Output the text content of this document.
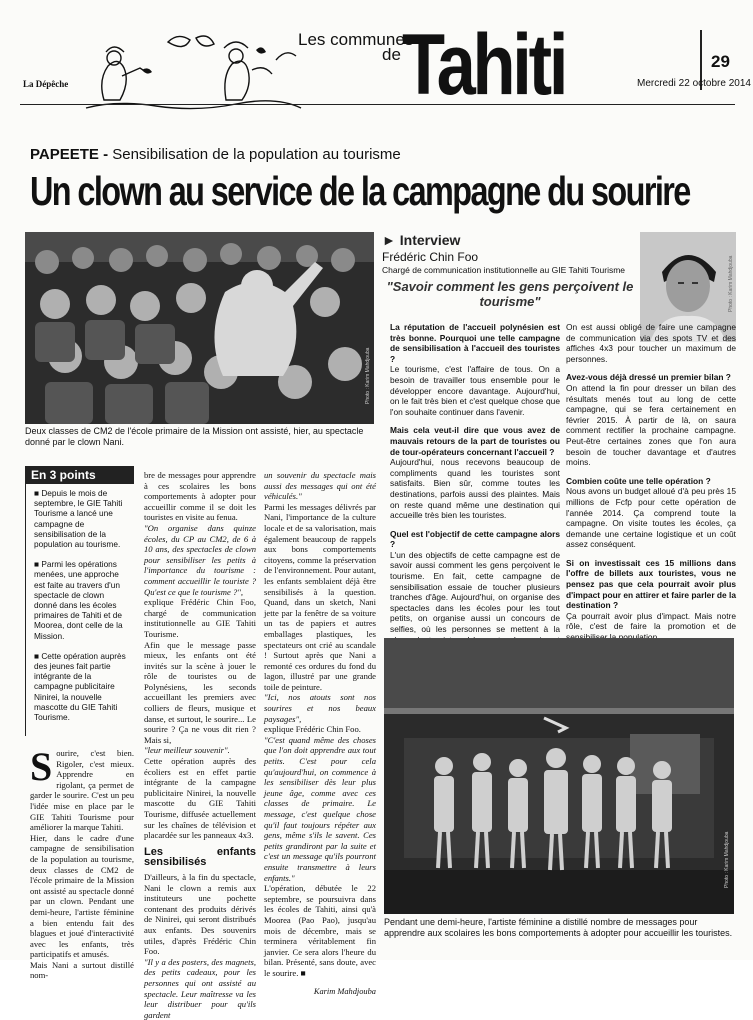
La Dépêche
Les communes
de Tahiti	29
Mercredi 22 octobre 2014
PAPEETE - Sensibilisation de la population au tourisme
Un clown au service de la campagne du sourire
Photo : Karim Mahdjouba
Deux classes de CM2 de l'école primaire de la Mission ont assisté, hier, au spectacle donné par le clown Nani.
► Interview
Frédéric Chin Foo
Chargé de communication institutionnelle au GIE Tahiti Tourisme
"Savoir comment les gens perçoivent le tourisme"	Photo : Karim Mahdjouba

La réputation de l'accueil polynésien est très bonne. Pourquoi une telle campagne de sensibilisation à l'accueil des touristes ?

Le tourisme, c'est l'affaire de tous. On a besoin de travailler tous ensemble pour le développer encore davantage. Aujourd'hui, on le fait très bien et c'est quelque chose que l'on souhaite continuer dans l'avenir.

Mais cela veut-il dire que vous avez de mauvais retours de la part de touristes ou de tour-opérateurs concernant l'accueil ?

Aujourd'hui, nous recevons beaucoup de compliments quand les touristes sont satisfaits. Bien sûr, comme toutes les destinations, parfois aussi des plaintes. Mais on reste quand même une destination qui accueille très bien les touristes.

Quel est l'objectif de cette campagne alors ?

L'un des objectifs de cette campagne est de savoir aussi comment les gens perçoivent le tourisme. En fait, cette campagne de sensibilisation essaie de toucher plusieurs tranches d'âge. Aujourd'hui, on organise des spectacles dans les écoles pour les tout petits, on organise aussi un concours de selfies, où les personnes se mettent à la

On est aussi obligé de faire une campagne de communication via des spots TV et des affiches 4x3 pour toucher un maximum de personnes.

Avez-vous déjà dressé un premier bilan ?

On attend la fin pour dresser un bilan des résultats menés tout au long de cette campagne, qui se fera certainement en février 2015. À partir de là, on saura comment rectifier la prochaine campagne. Peut-être certaines zones que l'on aura besoin de toucher davantage et d'autres moins.

Combien coûte une telle opération ?

Nous avons un budget alloué d'à peu près 15 millions de Fcfp pour cette opération de l'année 2014. Ça comprend toute la campagne. On visite toutes les écoles, ça demande une certaine logistique et un coût assez conséquent.

Si on investissait ces 15 millions dans l'offre de billets aux touristes, vous ne pensez pas que cela pourrait avoir plus d'impact pour en attirer et faire parler de la destination ?

Ça pourrait avoir plus d'impact. Mais notre rôle, c'est de faire la promotion et de

En 3 points

■ Depuis le mois de septembre, le GIE Tahiti Tourisme a lancé une campagne de sensibilisation de la population au tourisme.

■ Parmi les opérations menées, une approche est faite au travers d'un spectacle de clown donné dans les écoles primaires de Tahiti et de Moorea, dont celle de la Mission.

■ Cette opération auprès des jeunes fait partie intégrante de la campagne publicitaire Ninirei, la nouvelle mascotte du GIE Tahiti Tourisme.

S ourire, c'est bien. Rigoler, c'est mieux. Apprendre en rigolant, ça permet de garder le sourire. C'est un peu l'idée mise en place par le GIE Tahiti Tourisme pour améliorer la marque Tahiti.

Hier, dans le cadre d'une campagne de sensibilisation de la population au tourisme, deux classes de CM2 de l'école primaire de la Mission ont assisté au spectacle donné par un clown. Pendant une demi-heure, l'artiste féminine a bien entendu fait des blagues et joué d'interactivité avec les enfants, très participatifs et amusés.

Mais Nani a surtout distillé nom-

bre de messages pour apprendre à ces scolaires les bons comportements à adopter pour accueillir comme il se doit les touristes en visite au fenua.

"On organise dans quinze écoles, du CP au CM2, de 6 à 10 ans, des spectacles de clown pour sensibiliser les petits à l'importance du tourisme : comment accueillir le touriste ? Qu'est ce que le tourisme ?",

explique Frédéric Chin Foo, chargé de communication institutionnelle au GIE Tahiti Tourisme.

Afin que le message passe mieux, les enfants ont été invités sur la scène à jouer le rôle de touristes ou de Polynésiens, les seconds accueillant les premiers avec colliers de fleurs, musique et danse, et surtout, le sourire... Le sourire ? Ça ne vous dit rien ? Mais si,

"leur meilleur souvenir".

Cette opération auprès des écoliers est en effet partie intégrante de la campagne publicitaire Ninirei, la nouvelle mascotte du GIE Tahiti Tourisme, diffusée actuellement sur les chaînes de télévision et placardée sur les panneaux 4x3.

Les enfants sensibilisés

D'ailleurs, à la fin du spectacle, Nani le clown a remis aux instituteurs une pochette contenant des produits dérivés de Ninirei, qui seront distribués aux enfants. Des souvenirs utiles, d'après Frédéric Chin Foo.

"Il y a des posters, des magnets, des petits cadeaux, pour les personnes qui ont assisté au spectacle. Leur maîtresse va les leur distribuer pour qu'ils gardent

un souvenir du spectacle mais aussi des messages qui ont été véhiculés."

Parmi les messages délivrés par Nani, l'importance de la culture locale et de sa valorisation, mais également beaucoup de rappels aux bons comportements citoyens, comme la préservation de l'environnement. Pour autant, les enfants semblaient déjà être sensibilisés à la question. Quand, dans un sketch, Nani jette par la fenêtre de sa voiture un tas de papiers et autres emballages plastiques, les spectateurs ont crié au scandale ! Surtout après que Nani a remonté ces ordures du fond du lagon, illustré par une grande toile de peinture.

"Ici, nos atouts sont nos sourires et nos beaux paysages",

explique Frédéric Chin Foo.

"C'est quand même des choses que l'on doit apprendre aux tout petits. C'est pour cela qu'aujourd'hui, on commence à les sensibiliser dès leur plus jeune âge, comme avec ces classes de primaire. Le message, c'est quelque chose qu'il faut toujours répéter aux gens, même s'ils le savent. Ces petits grandiront par la suite et c'est un message qu'ils pourront ensuite transmettre à leurs enfants."

L'opération, débutée le 22 septembre, se poursuivra dans les écoles de Tahiti, ainsi qu'à Moorea (Pao Pao), jusqu'au mois de décembre, mais se terminera véritablement fin janvier. Ce sera alors l'heure du bilan. Présenté, sans doute, avec le sourire. ■

Karim Mahdjouba

Photo : Karim Mahdjouba
Pendant une demi-heure, l'artiste féminine a distillé nombre de messages pour apprendre aux scolaires les bons comportements à adopter pour accueillir les touristes.
